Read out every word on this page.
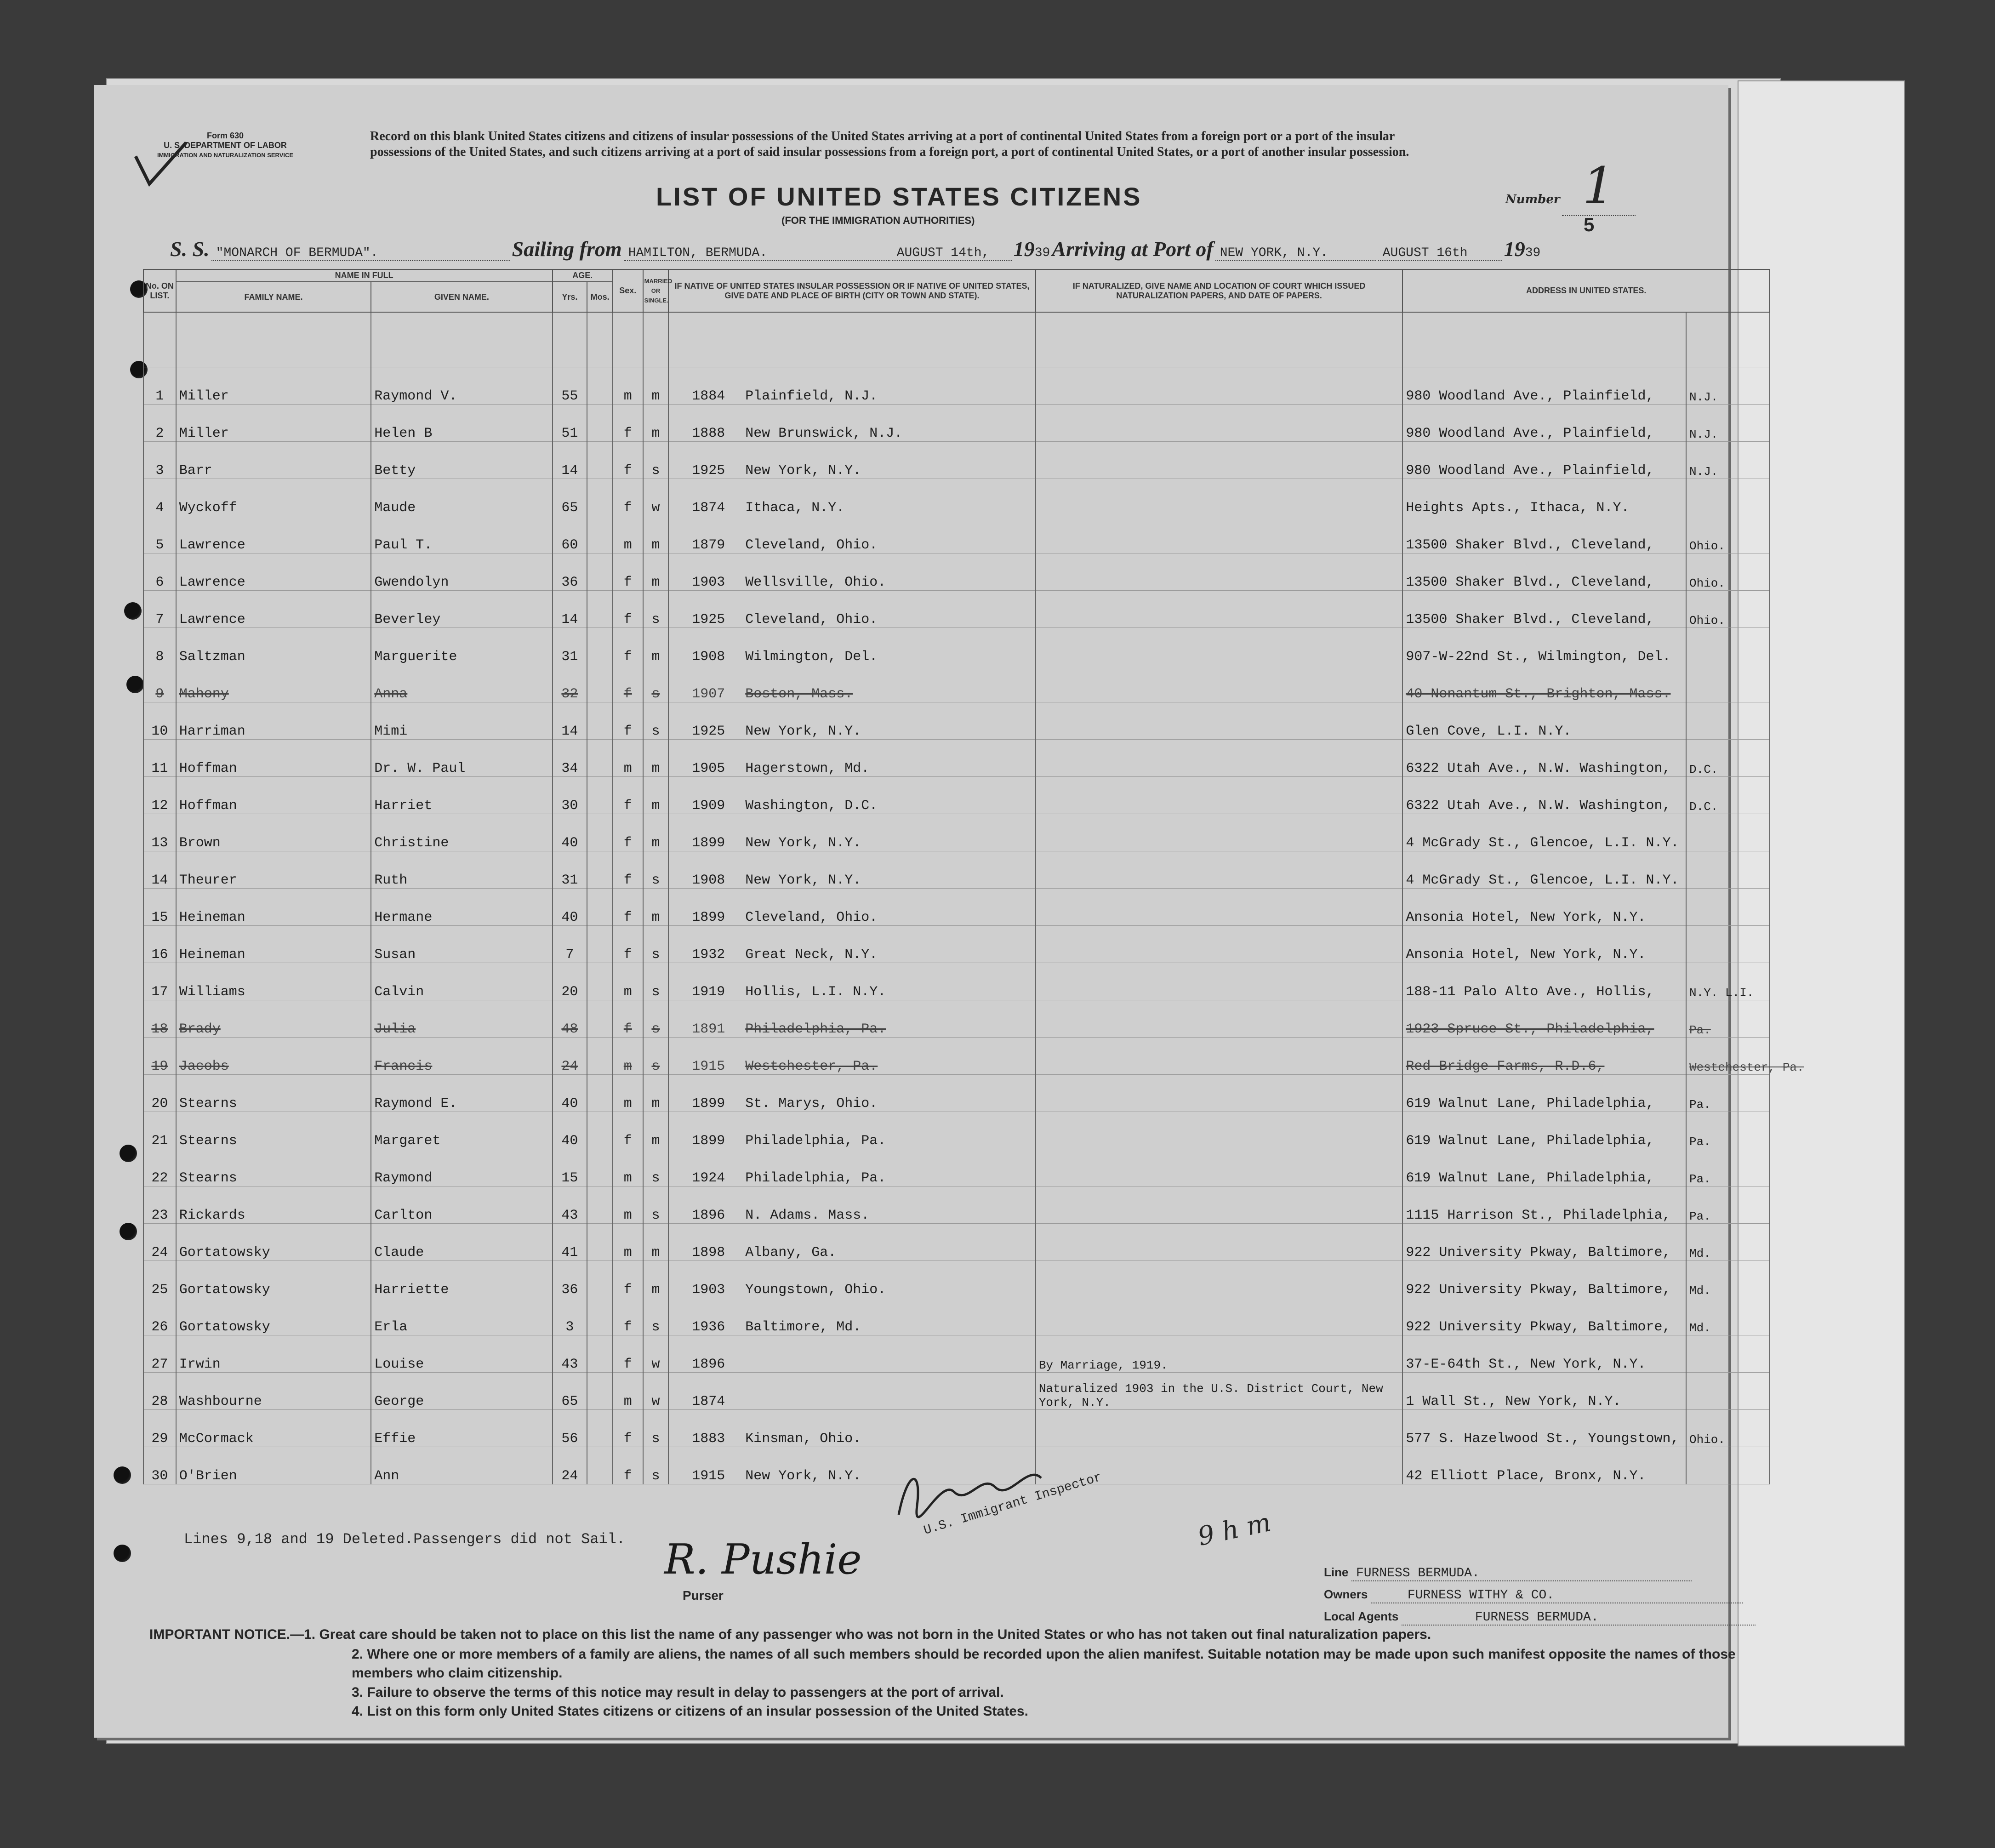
Form 630
U. S. DEPARTMENT OF LABOR
IMMIGRATION AND NATURALIZATION SERVICE
Record on this blank United States citizens and citizens of insular possessions of the United States arriving at a port of continental United States from a foreign port or a port of the insular possessions of the United States, and such citizens arriving at a port of said insular possessions from a foreign port, a port of continental United States, or a port of another insular possession.
Number 1
LIST OF UNITED STATES CITIZENS
(FOR THE IMMIGRATION AUTHORITIES)	5
S. S. "MONARCH OF BERMUDA".	Sailing from HAMILTON, BERMUDA.	AUGUST 14th, 1939 Arriving at Port of NEW YORK, N.Y.	AUGUST 16th 1939
No. ON LIST.	NAME IN FULL		AGE.		Sex.	MARRIED OR SINGLE.	IF NATIVE OF UNITED STATES INSULAR POSSESSION OR IF NATIVE OF UNITED STATES, GIVE DATE AND PLACE OF BIRTH (CITY OR TOWN AND STATE).	IF NATURALIZED, GIVE NAME AND LOCATION OF COURT WHICH ISSUED NATURALIZATION PAPERS, AND DATE OF PAPERS.	ADDRESS IN UNITED STATES.	
	FAMILY NAME.	GIVEN NAME.	Yrs.	Mos.						

1	Miller	Raymond V.	55		m	m	1884 Plainfield, N.J.		980 Woodland Ave., Plainfield,	N.J.
2	Miller	Helen B	51		f	m	1888 New Brunswick, N.J.		980 Woodland Ave., Plainfield,	N.J.
3	Barr	Betty	14		f	s	1925 New York, N.Y.		980 Woodland Ave., Plainfield,	N.J.
4	Wyckoff	Maude	65		f	w	1874 Ithaca, N.Y.		Heights Apts., Ithaca, N.Y.	
5	Lawrence	Paul T.	60		m	m	1879 Cleveland, Ohio.		13500 Shaker Blvd., Cleveland,	Ohio.
6	Lawrence	Gwendolyn	36		f	m	1903 Wellsville, Ohio.		13500 Shaker Blvd., Cleveland,	Ohio.
7	Lawrence	Beverley	14		f	s	1925 Cleveland, Ohio.		13500 Shaker Blvd., Cleveland,	Ohio.
8	Saltzman	Marguerite	31		f	m	1908 Wilmington, Del.		907-W-22nd St., Wilmington, Del.	
9	Mahony	Anna	32		f	s	1907 Boston, Mass.		40 Nonantum St., Brighton, Mass.	
10	Harriman	Mimi	14		f	s	1925 New York, N.Y.		Glen Cove, L.I. N.Y.	
11	Hoffman	Dr. W. Paul	34		m	m	1905 Hagerstown, Md.		6322 Utah Ave., N.W. Washington,	D.C.
12	Hoffman	Harriet	30		f	m	1909 Washington, D.C.		6322 Utah Ave., N.W. Washington,	D.C.
13	Brown	Christine	40		f	m	1899 New York, N.Y.		4 McGrady St., Glencoe, L.I. N.Y.	
14	Theurer	Ruth	31		f	s	1908 New York, N.Y.		4 McGrady St., Glencoe, L.I. N.Y.	
15	Heineman	Hermane	40		f	m	1899 Cleveland, Ohio.		Ansonia Hotel, New York, N.Y.	
16	Heineman	Susan	7		f	s	1932 Great Neck, N.Y.		Ansonia Hotel, New York, N.Y.	
17	Williams	Calvin	20		m	s	1919 Hollis, L.I. N.Y.		188-11 Palo Alto Ave., Hollis,	N.Y. L.I.
18	Brady	Julia	48		f	s	1891 Philadelphia, Pa.		1923 Spruce St., Philadelphia,	Pa.
19	Jacobs	Francis	24		m	s	1915 Westchester, Pa.		Red Bridge Farms, R.D.6,	Westchester, Pa.
20	Stearns	Raymond E.	40		m	m	1899 St. Marys, Ohio.		619 Walnut Lane, Philadelphia,	Pa.
21	Stearns	Margaret	40		f	m	1899 Philadelphia, Pa.		619 Walnut Lane, Philadelphia,	Pa.
22	Stearns	Raymond	15		m	s	1924 Philadelphia, Pa.		619 Walnut Lane, Philadelphia,	Pa.
23	Rickards	Carlton	43		m	s	1896 N. Adams. Mass.		1115 Harrison St., Philadelphia,	Pa.
24	Gortatowsky	Claude	41		m	m	1898 Albany, Ga.		922 University Pkway, Baltimore,	Md.
25	Gortatowsky	Harriette	36		f	m	1903 Youngstown, Ohio.		922 University Pkway, Baltimore,	Md.
26	Gortatowsky	Erla	3		f	s	1936 Baltimore, Md.		922 University Pkway, Baltimore,	Md.
27	Irwin	Louise	43		f	w	1896	By Marriage, 1919.	37-E-64th St., New York, N.Y.	
28	Washbourne	George	65		m	w	1874	Naturalized 1903 in the U.S. District Court, New York, N.Y.	1 Wall St., New York, N.Y.	
29	McCormack	Effie	56		f	s	1883 Kinsman, Ohio.		577 S. Hazelwood St., Youngstown,	Ohio.
30	O'Brien	Ann	24		f	s	1915 New York, N.Y.		42 Elliott Place, Bronx, N.Y.	
Lines 9,18 and 19 Deleted.Passengers did not Sail.
U.S. Immigrant Inspector	9 h m
R. Pushie
Purser
Line FURNESS BERMUDA.
Owners	FURNESS WITHY & CO.
Local Agents	FURNESS BERMUDA.
IMPORTANT NOTICE.—1. Great care should be taken not to place on this list the name of any passenger who was not born in the United States or who has not taken out final naturalization papers.
2. Where one or more members of a family are aliens, the names of all such members should be recorded upon the alien manifest. Suitable notation may be made upon such manifest opposite the names of those members who claim citizenship.
3. Failure to observe the terms of this notice may result in delay to passengers at the port of arrival.
4. List on this form only United States citizens or citizens of an insular possession of the United States.
